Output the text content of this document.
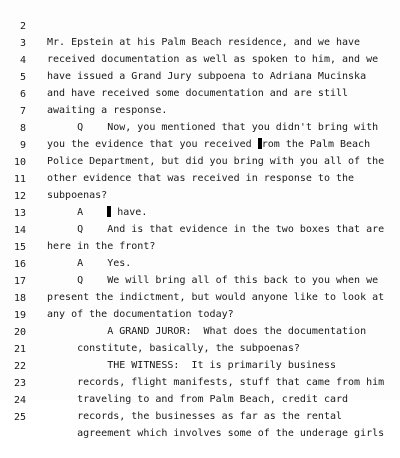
2

Mr. Epstein at his Palm Beach residence, and we have

3

received documentation as well as spoken to him, and we

4

have issued a Grand Jury subpoena to Adriana Mucinska

5

and have received some documentation and are still

6

awaiting a response.

7

Q    Now, you mentioned that you didn't bring with

8

you the evidence that you received rom the Palm Beach

9

Police Department, but did you bring with you all of the

10

other evidence that was received in response to the

11

subpoenas?

12

A     have.

13

Q    And is that evidence in the two boxes that are

14

here in the front?

15

A    Yes.

16

Q    We will bring all of this back to you when we

17

present the indictment, but would anyone like to look at

18

any of the documentation today?

19

A GRAND JUROR:  What does the documentation

20

constitute, basically, the subpoenas?

21

THE WITNESS:  It is primarily business

22

records, flight manifests, stuff that came from him

23

traveling to and from Palm Beach, credit card

24

records, the businesses as far as the rental

25

agreement which involves some of the underage girls
